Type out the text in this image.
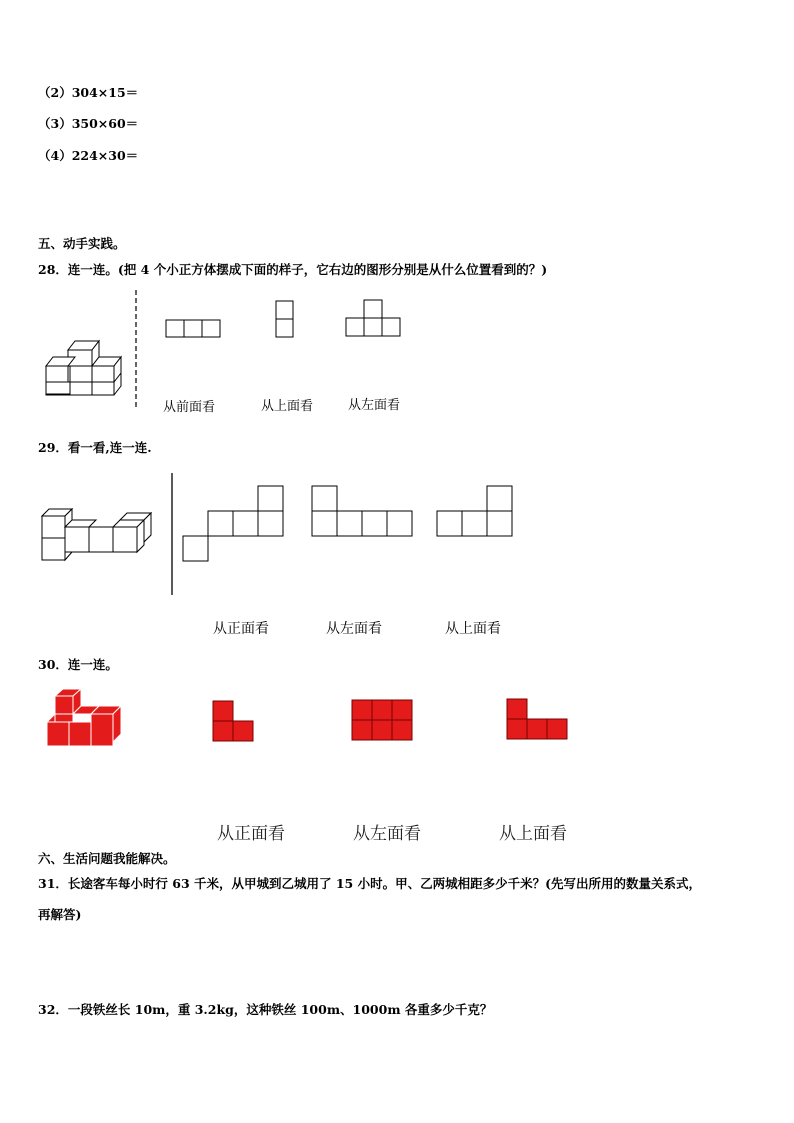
（2）304×15＝
（3）350×60＝
（4）224×30＝
五、动手实践。
28．连一连。(把 4 个小正方体摆成下面的样子，它右边的图形分别是从什么位置看到的？)
从前面看	从上面看	从左面看
29．看一看,连一连.
从正面看	从左面看	从上面看
30．连一连。
从正面看	从左面看	从上面看
六、生活问题我能解决。
31．长途客车每小时行 63 千米，从甲城到乙城用了 15 小时。甲、乙两城相距多少千米？(先写出所用的数量关系式，
再解答)
32．一段铁丝长 10m，重 3.2kg，这种铁丝 100m、1000m 各重多少千克？
